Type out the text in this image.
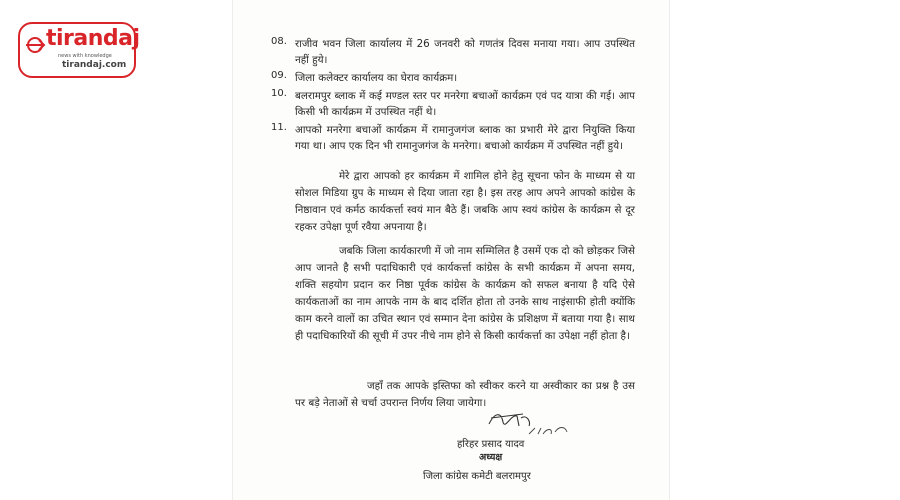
tirandaj
news with knowledge
tirandaj.com
08. राजीव भवन जिला कार्यालय में 26 जनवरी को गणतंत्र दिवस मनाया गया। आप उपस्थित नहीं हुये।
09. जिला कलेक्टर कार्यालय का घेराव कार्यक्रम।
10. बलरामपुर ब्लाक में कई मण्डल स्तर पर मनरेगा बचाओं कार्यक्रम एवं पद यात्रा की गई। आप किसी भी कार्यक्रम में उपस्थित नहीं थे।
11. आपको मनरेगा बचाओं कार्यक्रम में रामानुजगंज ब्लाक का प्रभारी मेरे द्वारा नियुक्ति किया गया था। आप एक दिन भी रामानुजगंज के मनरेगा। बचाओ कार्यक्रम में उपस्थित नहीं हुये।
मेरे द्वारा आपको हर कार्यक्रम में शामिल होने हेतु सूचना फोन के माध्यम से या सोशल मिडिया ग्रुप के माध्यम से दिया जाता रहा है। इस तरह आप अपने आपको कांग्रेस के निष्ठावान एवं कर्मठ कार्यकर्त्ता स्वयं मान बैठे हैं। जबकि आप स्वयं कांग्रेस के कार्यक्रम से दूर रहकर उपेक्षा पूर्ण रवैया अपनाया है।
जबकि जिला कार्यकारणी में जो नाम सम्मिलित है उसमें एक दो को छोड़कर जिसे आप जानते है सभी पदाधिकारी एवं कार्यकर्त्ता कांग्रेस के सभी कार्यक्रम में अपना समय, शक्ति सहयोग प्रदान कर निष्ठा पूर्वक कांग्रेस के कार्यक्रम को सफल बनाया है यदि ऐसे कार्यकताओं का नाम आपके नाम के बाद दर्शित होता तो उनके साथ नाइंसाफी होती क्योंकि काम करने वालों का उचित स्थान एवं सम्मान देना कांग्रेस के प्रशिक्षण में बताया गया है। साथ ही पदाधिकारियों की सूची में उपर नीचे नाम होने से किसी कार्यकर्त्ता का उपेक्षा नहीं होता है।
जहाँ तक आपके इस्तिफा को स्वीकर करने या अस्वीकार का प्रश्न है उस पर बड़े नेताओं से चर्चा उपरान्त निर्णय लिया जायेगा।
हरिहर प्रसाद यादव
अध्यक्ष
जिला कांग्रेस कमेटी बलरामपुर
